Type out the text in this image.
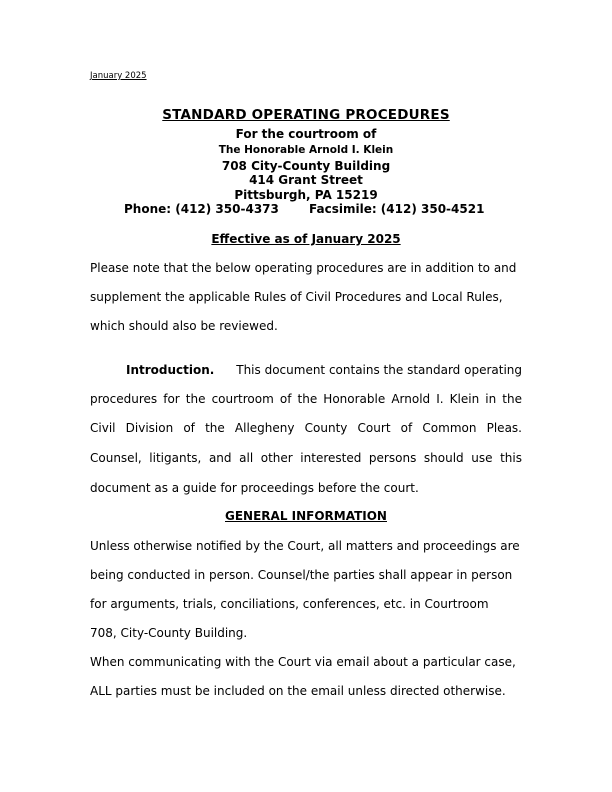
January 2025
STANDARD OPERATING PROCEDURES
For the courtroom of
The Honorable Arnold I. Klein
708 City-County Building
414 Grant Street
Pittsburgh, PA 15219
Phone: (412) 350-4373	Facsimile: (412) 350-4521
Effective as of January 2025
Please note that the below operating procedures are in addition to and
supplement the applicable Rules of Civil Procedures and Local Rules,
which should also be reviewed.
Introduction. This document contains the standard operating
procedures for the courtroom of the Honorable Arnold I. Klein in the
Civil Division of the Allegheny County Court of Common Pleas.
Counsel, litigants, and all other interested persons should use this
document as a guide for proceedings before the court.
GENERAL INFORMATION
Unless otherwise notified by the Court, all matters and proceedings are
being conducted in person. Counsel/the parties shall appear in person
for arguments, trials, conciliations, conferences, etc. in Courtroom
708, City-County Building.
When communicating with the Court via email about a particular case,
ALL parties must be included on the email unless directed otherwise.
